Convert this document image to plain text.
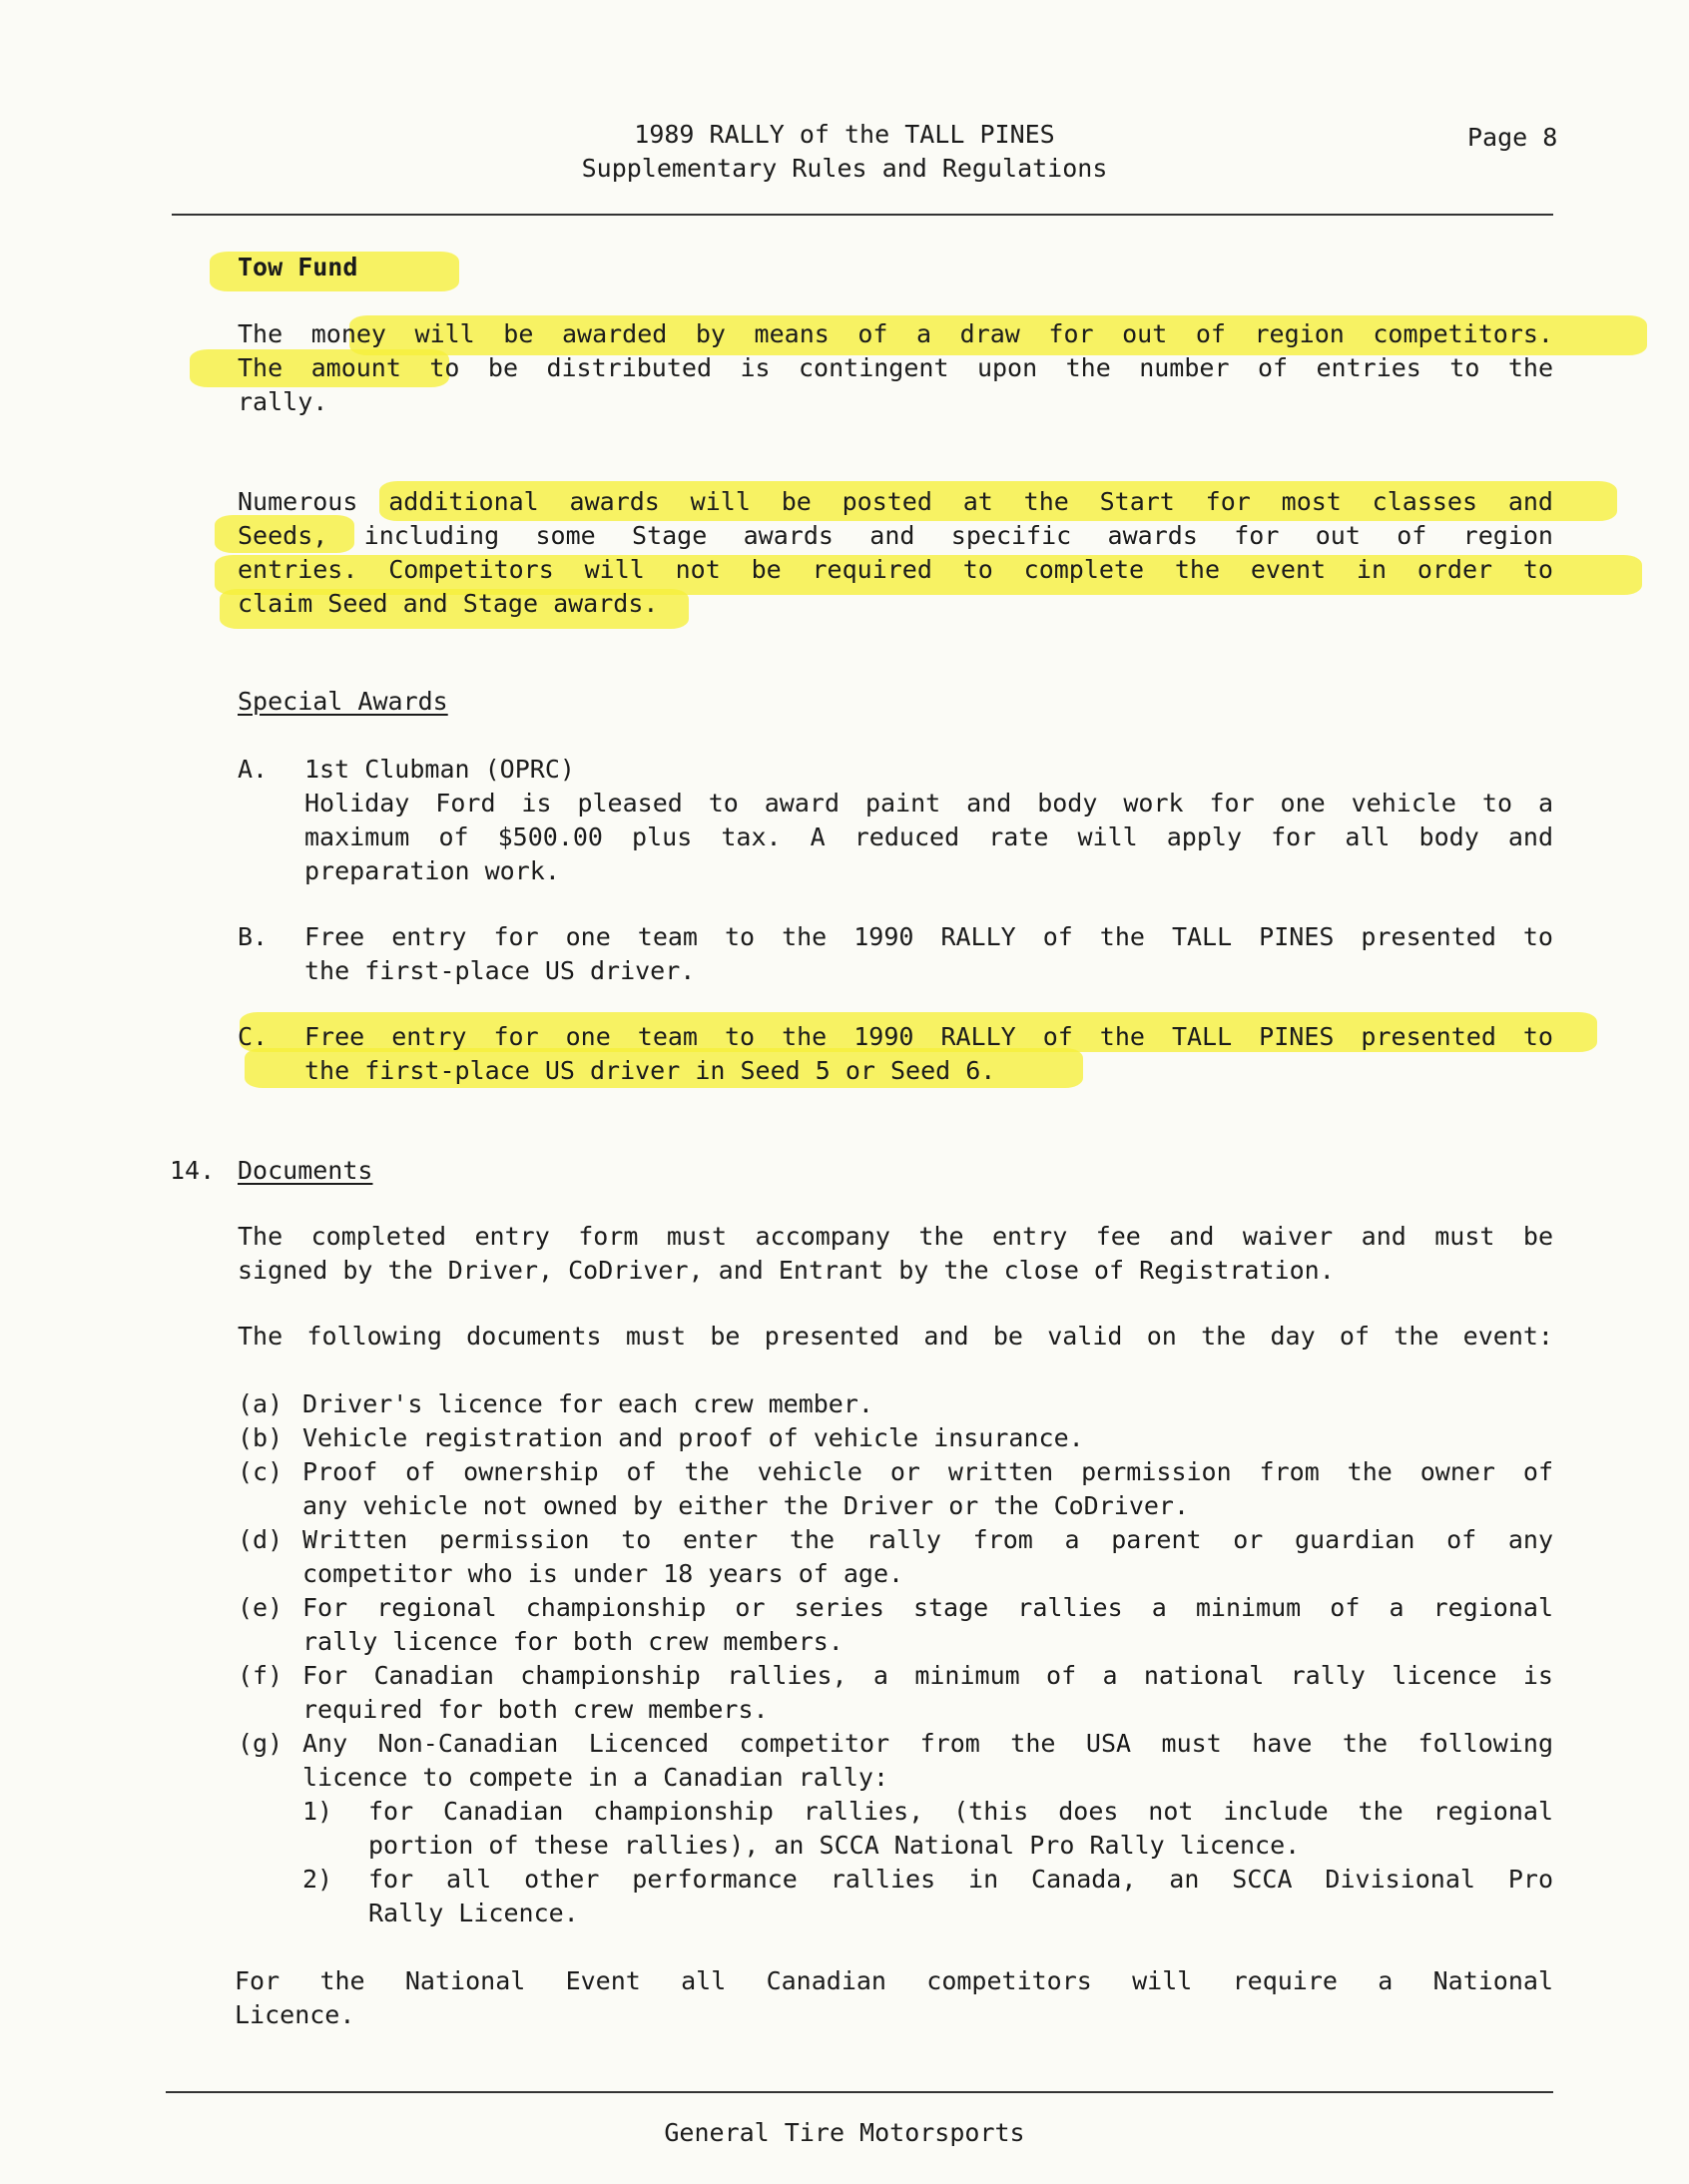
1989 RALLY of the TALL PINES
Supplementary Rules and Regulations
Page 8
Tow Fund
The money will be awarded by means of a draw for out of region competitors.
The amount to be distributed is contingent upon the number of entries to the
rally.
Numerous additional awards will be posted at the Start for most classes and
Seeds, including some Stage awards and specific awards for out of region
entries. Competitors will not be required to complete the event in order to
claim Seed and Stage awards.
Special Awards
A. 1st Clubman (OPRC)
Holiday Ford is pleased to award paint and body work for one vehicle to a
maximum of $500.00 plus tax. A reduced rate will apply for all body and
preparation work.
B. Free entry for one team to the 1990 RALLY of the TALL PINES presented to
the first-place US driver.
C. Free entry for one team to the 1990 RALLY of the TALL PINES presented to
the first-place US driver in Seed 5 or Seed 6.
14. Documents
The completed entry form must accompany the entry fee and waiver and must be
signed by the Driver, CoDriver, and Entrant by the close of Registration.
The following documents must be presented and be valid on the day of the event:
(a) Driver's licence for each crew member.
(b) Vehicle registration and proof of vehicle insurance.
(c) Proof of ownership of the vehicle or written permission from the owner of
any vehicle not owned by either the Driver or the CoDriver.
(d) Written permission to enter the rally from a parent or guardian of any
competitor who is under 18 years of age.
(e) For regional championship or series stage rallies a minimum of a regional
rally licence for both crew members.
(f) For Canadian championship rallies, a minimum of a national rally licence is
required for both crew members.
(g) Any Non-Canadian Licenced competitor from the USA must have the following
licence to compete in a Canadian rally:
1) for Canadian championship rallies, (this does not include the regional
portion of these rallies), an SCCA National Pro Rally licence.
2) for all other performance rallies in Canada, an SCCA Divisional Pro
Rally Licence.
For the National Event all Canadian competitors will require a National
Licence.
General Tire Motorsports
